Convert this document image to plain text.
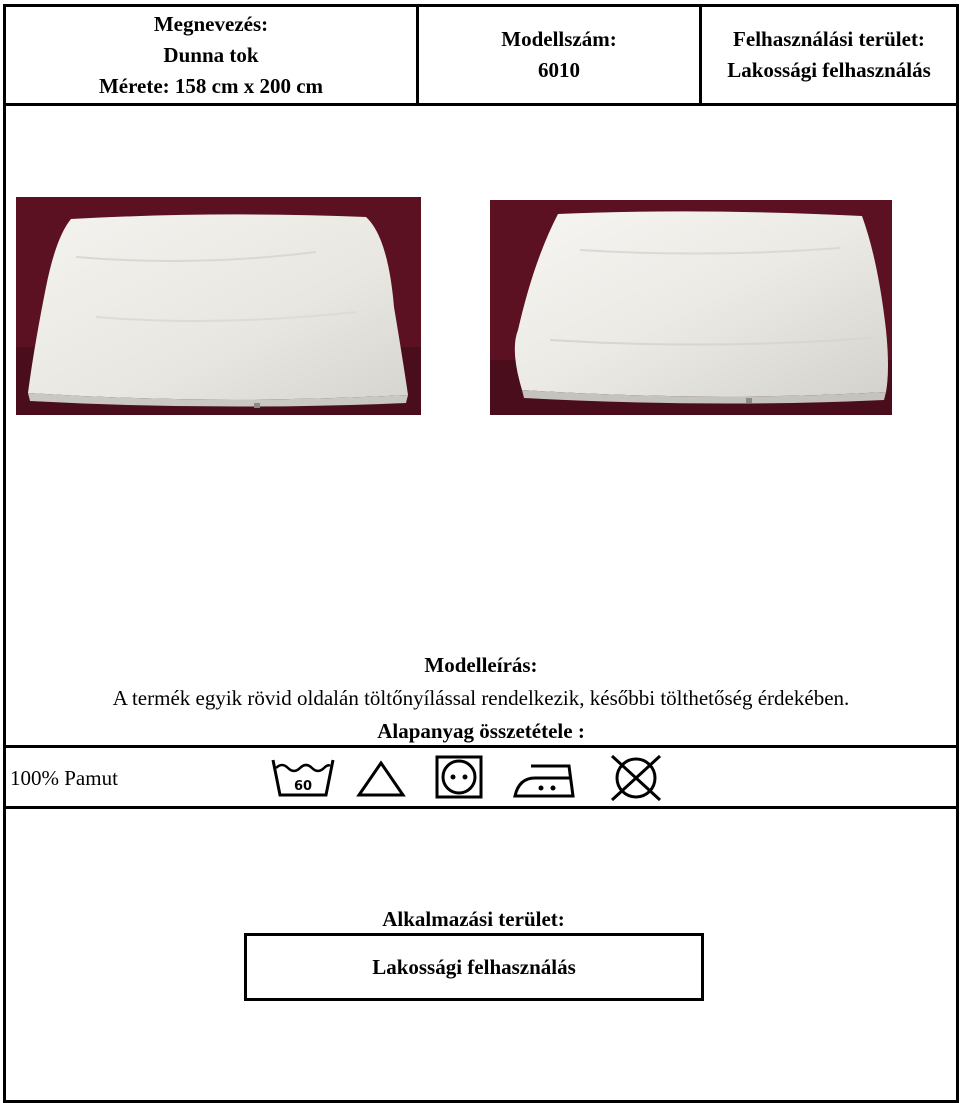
Megnevezés:
Dunna tok
Mérete: 158 cm x 200 cm
Modellszám:
6010
Felhasználási terület:
Lakossági felhasználás
Modelleírás:
A termék egyik rövid oldalán töltőnyílással rendelkezik, későbbi tölthetőség érdekében.
Alapanyag összetétele :
100% Pamut	60
Alkalmazási terület:
Lakossági felhasználás
